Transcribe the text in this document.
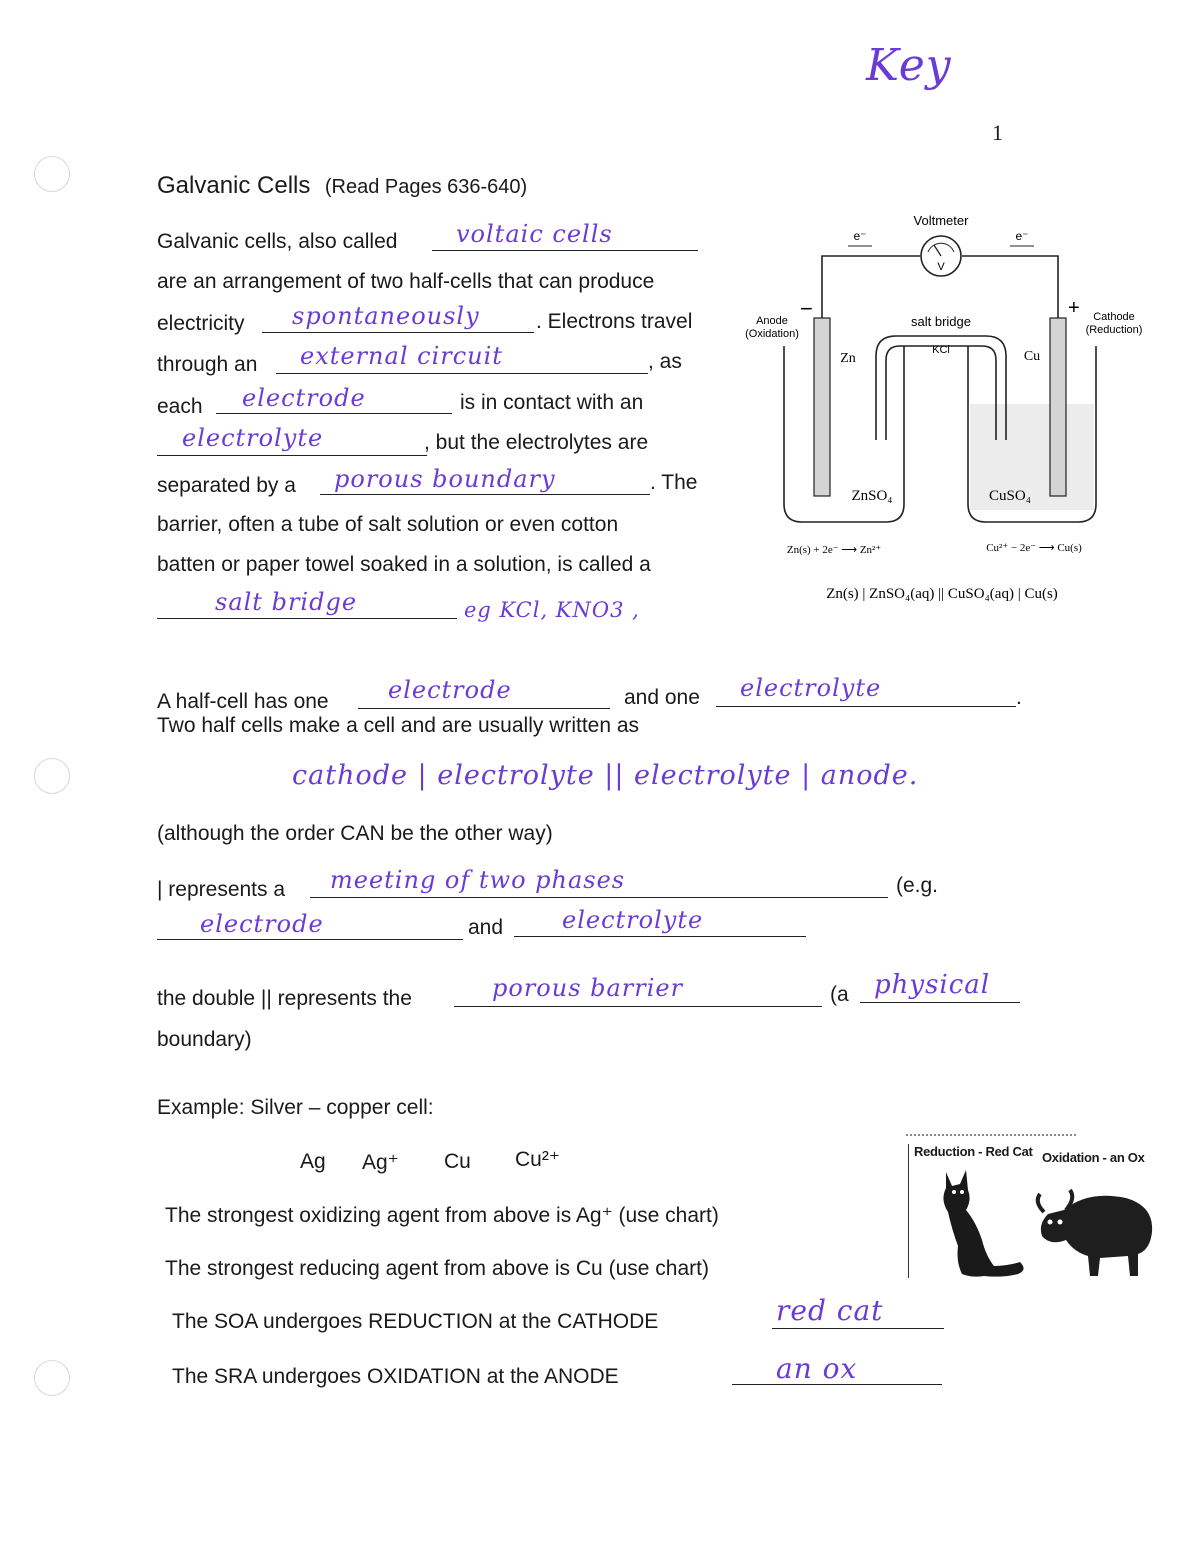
Key
1
Galvanic Cells (Read Pages 636-640)
Galvanic cells, also called voltaic cells
are an arrangement of two half-cells that can produce
electricity spontaneously	. Electrons travel
through an external circuit	, as
each electrode	is in contact with an
electrolyte	, but the electrolytes are
separated by a porous boundary	. The
barrier, often a tube of salt solution or even cotton
batten or paper towel soaked in a solution, is called a
salt bridge	eg KCl, KNO3 ,
Voltmeter
V
e⁻	e⁻
−	+
Anode
(Oxidation)
Cathode
(Reduction)
salt bridge
KCl
Zn	Cu
ZnSO₄	CuSO₄
Zn(s) + 2e⁻ ⟶ Zn²⁺	Cu²⁺ − 2e⁻ ⟶ Cu(s)
Zn(s) | ZnSO₄(aq) || CuSO₄(aq) | Cu(s)
A half-cell has one electrode	and one electrolyte	.
Two half cells make a cell and are usually written as
cathode | electrolyte || electrolyte | anode.
(although the order CAN be the other way)
| represents a meeting of two phases	(e.g.
electrode	and electrolyte
the double || represents the	porous barrier	(a physical
boundary)
Example: Silver – copper cell:
Ag Ag⁺ Cu Cu²⁺
The strongest oxidizing agent from above is Ag⁺ (use chart)
The strongest reducing agent from above is Cu (use chart)
The SOA undergoes REDUCTION at the CATHODE	red cat
The SRA undergoes OXIDATION at the ANODE	an ox
Reduction - Red Cat Oxidation - an Ox
